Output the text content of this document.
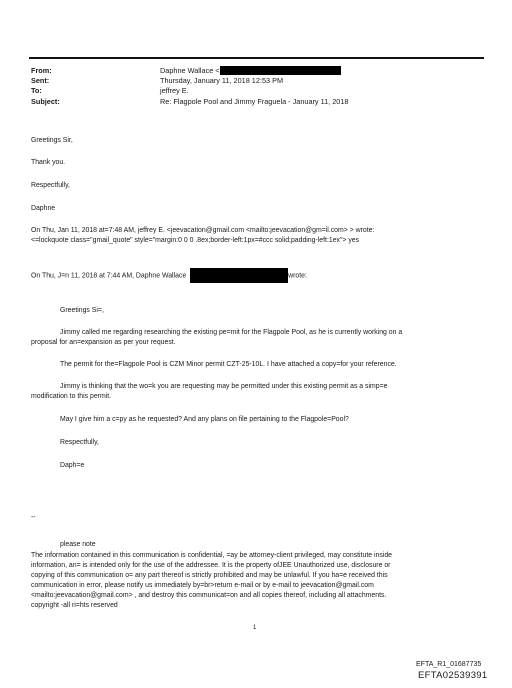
From:	Daphne Wallace <
Sent:	Thursday, January 11, 2018 12:53 PM
To:	jeffrey E.
Subject:	Re: Flagpole Pool and Jimmy Fraguela - January 11, 2018
Greetings Sir,
Thank you.
Respectfully,
Daphne
On Thu, Jan 11, 2018 at=7:48 AM, jeffrey E. <jeevacation@gmail.com <mailto:jeevacation@gm=il.com> > wrote:
<=lockquote class="gmail_quote" style="margin:0 0 0 .8ex;border-left:1px=#ccc solid;padding-left:1ex"> yes
On Thu, J=n 11, 2018 at 7:44 AM, Daphne Wallace	wrote:
Greetings Si=,
Jimmy called me regarding researching the existing pe=mit for the Flagpole Pool, as he is currently working on a
proposal for an=expansion as per your request.
The permit for the=Flagpole Pool is CZM Minor permit CZT-25-10L. I have attached a copy=for your reference.
Jimmy is thinking that the wo=k you are requesting may be permitted under this existing permit as a simp=e
modification to this permit.
May I give him a c=py as he requested? And any plans on file pertaining to the Flagpole=Pool?
Respectfully,
Daph=e
--
please note
The information contained in this communication is confidential, =ay be attorney-client privileged, may constitute inside
information, an= is intended only for the use of the addressee. It is the property ofJEE Unauthorized use, disclosure or
copying of this communication o= any part thereof is strictly prohibited and may be unlawful. If you ha=e received this
communication in error, please notify us immediately by=br>return e-mail or by e-mail to jeevacation@gmail.com
<mailto:jeevacation@gmail.com> , and destroy this communicat=on and all copies thereof, including all attachments.
copyright -all ri=hts reserved
1
EFTA_R1_01687735
EFTA02539391
